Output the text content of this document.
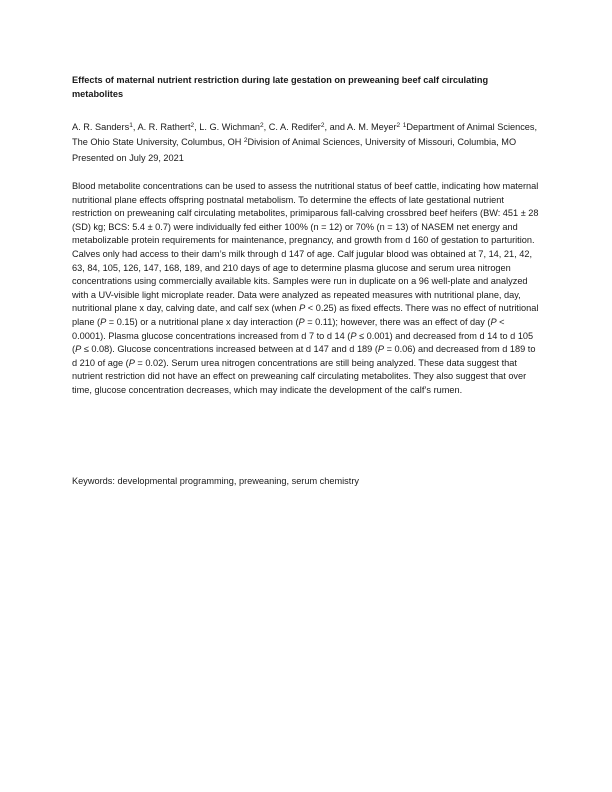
Effects of maternal nutrient restriction during late gestation on preweaning beef calf circulating metabolites

A. R. Sanders$^1$, A. R. Rathert$^2$, L. G. Wichman$^2$, C. A. Redifer$^2$, and A. M. Meyer$^2$ $^1$Department of Animal Sciences, The Ohio State University, Columbus, OH $^2$Division of Animal Sciences, University of Missouri, Columbia, MO Presented on July 29, 2021

Blood metabolite concentrations can be used to assess the nutritional status of beef cattle, indicating how maternal nutritional plane effects offspring postnatal metabolism. To determine the effects of late gestational nutrient restriction on preweaning calf circulating metabolites, primiparous fall-calving crossbred beef heifers (BW: 451 ± 28 (SD) kg; BCS: 5.4 ± 0.7) were individually fed either 100% (n = 12) or 70% (n = 13) of NASEM net energy and metabolizable protein requirements for maintenance, pregnancy, and growth from d 160 of gestation to parturition. Calves only had access to their dam’s milk through d 147 of age. Calf jugular blood was obtained at 7, 14, 21, 42, 63, 84, 105, 126, 147, 168, 189, and 210 days of age to determine plasma glucose and serum urea nitrogen concentrations using commercially available kits. Samples were run in duplicate on a 96 well-plate and analyzed with a UV-visible light microplate reader. Data were analyzed as repeated measures with nutritional plane, day, nutritional plane x day, calving date, and calf sex (when P < 0.25) as fixed effects. There was no effect of nutritional plane (P = 0.15) or a nutritional plane x day interaction (P = 0.11); however, there was an effect of day (P < 0.0001). Plasma glucose concentrations increased from d 7 to d 14 (P ≤ 0.001) and decreased from d 14 to d 105 (P ≤ 0.08). Glucose concentrations increased between at d 147 and d 189 (P = 0.06) and decreased from d 189 to d 210 of age (P = 0.02). Serum urea nitrogen concentrations are still being analyzed. These data suggest that nutrient restriction did not have an effect on preweaning calf circulating metabolites. They also suggest that over time, glucose concentration decreases, which may indicate the development of the calf’s rumen.

Keywords: developmental programming, preweaning, serum chemistry
